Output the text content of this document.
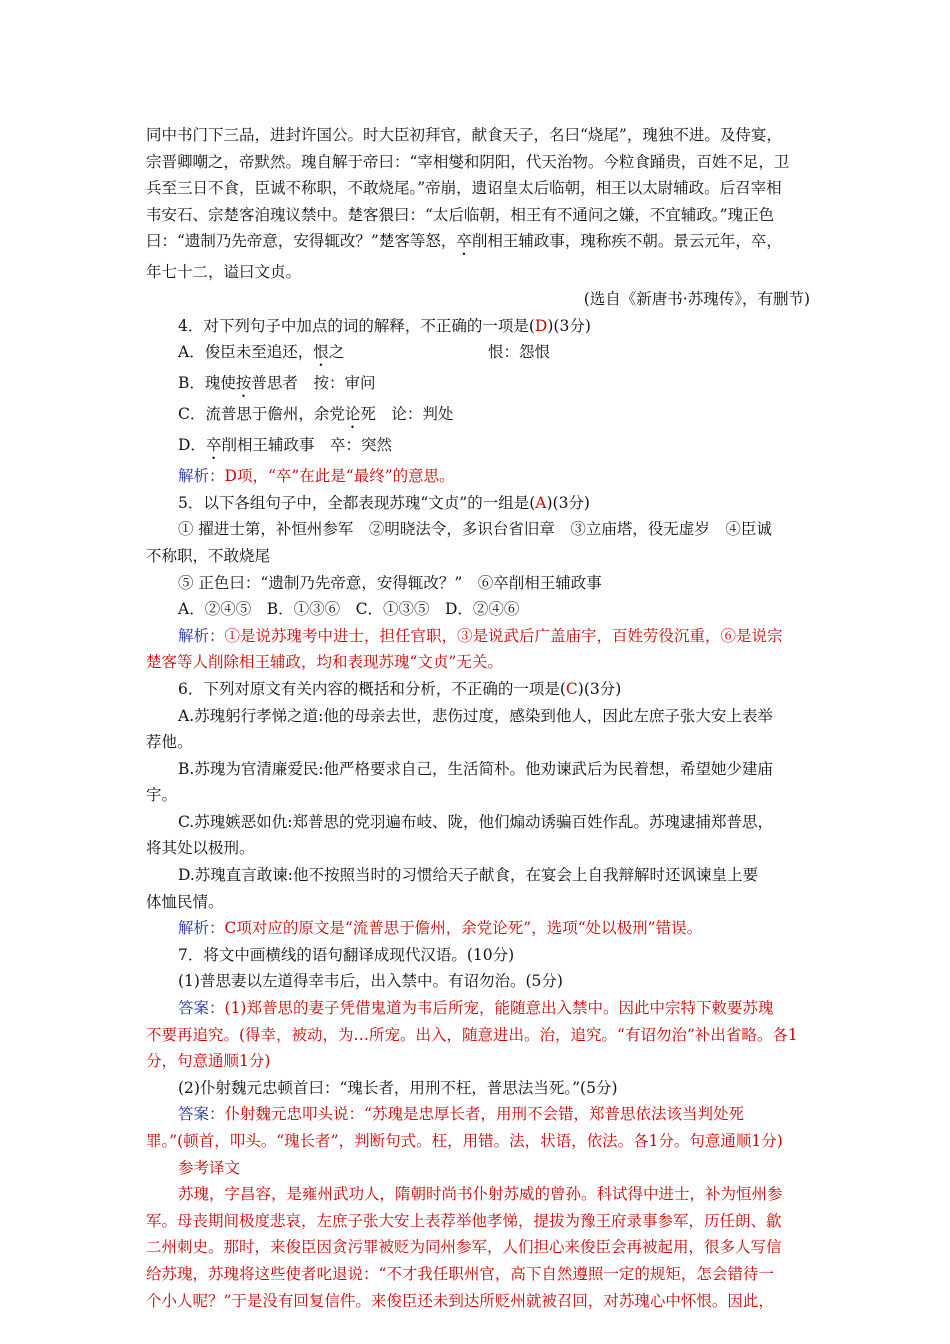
同中书门下三品，进封许国公。时大臣初拜官，献食天子，名曰“烧尾”，瑰独不进。及侍宴，

宗晋卿嘲之，帝默然。瑰自解于帝曰：“宰相燮和阴阳，代天治物。今粒食踊贵，百姓不足，卫

兵至三日不食，臣诚不称职，不敢烧尾。”帝崩，遗诏皇太后临朝，相王以太尉辅政。后召宰相

韦安石、宗楚客洎瑰议禁中。楚客猥曰：“太后临朝，相王有不通问之嫌，不宜辅政。”瑰正色

曰：“遗制乃先帝意，安得辄改？”楚客等怒，卒削相王辅政事，瑰称疾不朝。景云元年，卒，

年七十二，谥曰文贞。

(选自《新唐书·苏瑰传》，有删节)

4．对下列句子中加点的词的解释，不正确的一项是(D)(3分)

A．俊臣未至追还，恨之	恨：怨恨

B．瑰使按普思者　 按：审问

C．流普思于儋州，余党论死　 论：判处

D．卒削相王辅政事　 卒：突然

解析：D项，“卒”在此是“最终”的意思。

5．以下各组句子中，全都表现苏瑰“文贞”的一组是(A)(3分)

① 擢进士第，补恒州参军　②明晓法令，多识台省旧章　③立庙塔，役无虚岁　④臣诚

不称职，不敢烧尾

⑤ 正色曰：“遗制乃先帝意，安得辄改？”　⑥卒削相王辅政事

A．②④⑤　B．①③⑥　C．①③⑤　D．②④⑥

解析：①是说苏瑰考中进士，担任官职，③是说武后广盖庙宇，百姓劳役沉重，⑥是说宗

楚客等人削除相王辅政，均和表现苏瑰“文贞”无关。

6．下列对原文有关内容的概括和分析，不正确的一项是(C)(3分)

A.苏瑰躬行孝悌之道:他的母亲去世，悲伤过度，感染到他人，因此左庶子张大安上表举

荐他。

B.苏瑰为官清廉爱民:他严格要求自己，生活简朴。他劝谏武后为民着想，希望她少建庙

宇。

C.苏瑰嫉恶如仇:郑普思的党羽遍布岐、陇，他们煽动诱骗百姓作乱。苏瑰逮捕郑普思，

将其处以极刑。

D.苏瑰直言敢谏:他不按照当时的习惯给天子献食，在宴会上自我辩解时还讽谏皇上要

体恤民情。

解析：C项对应的原文是“流普思于儋州，余党论死”，选项“处以极刑”错误。

7．将文中画横线的语句翻译成现代汉语。(10分)

(1)普思妻以左道得幸韦后，出入禁中。有诏勿治。(5分)

答案：(1)郑普思的妻子凭借鬼道为韦后所宠，能随意出入禁中。因此中宗特下敕要苏瑰

不要再追究。(得幸，被动，为…所宠。出入，随意进出。治，追究。“有诏勿治”补出省略。各1

分，句意通顺1分)

(2)仆射魏元忠顿首曰：“瑰长者，用刑不枉，普思法当死。”(5分)

答案：仆射魏元忠叩头说：“苏瑰是忠厚长者，用刑不会错，郑普思依法该当判处死

罪。”(顿首，叩头。“瑰长者”，判断句式。枉，用错。法，状语，依法。各1分。句意通顺1分)

参考译文

苏瑰，字昌容，是雍州武功人，隋朝时尚书仆射苏威的曾孙。科试得中进士，补为恒州参

军。母丧期间极度悲哀，左庶子张大安上表荐举他孝悌，提拔为豫王府录事参军，历任朗、歙

二州刺史。那时，来俊臣因贪污罪被贬为同州参军，人们担心来俊臣会再被起用，很多人写信

给苏瑰，苏瑰将这些使者叱退说：“不才我任职州官，高下自然遵照一定的规矩，怎会错待一

个小人呢？”于是没有回复信件。来俊臣还未到达所贬州就被召回，对苏瑰心中怀恨。因此，
